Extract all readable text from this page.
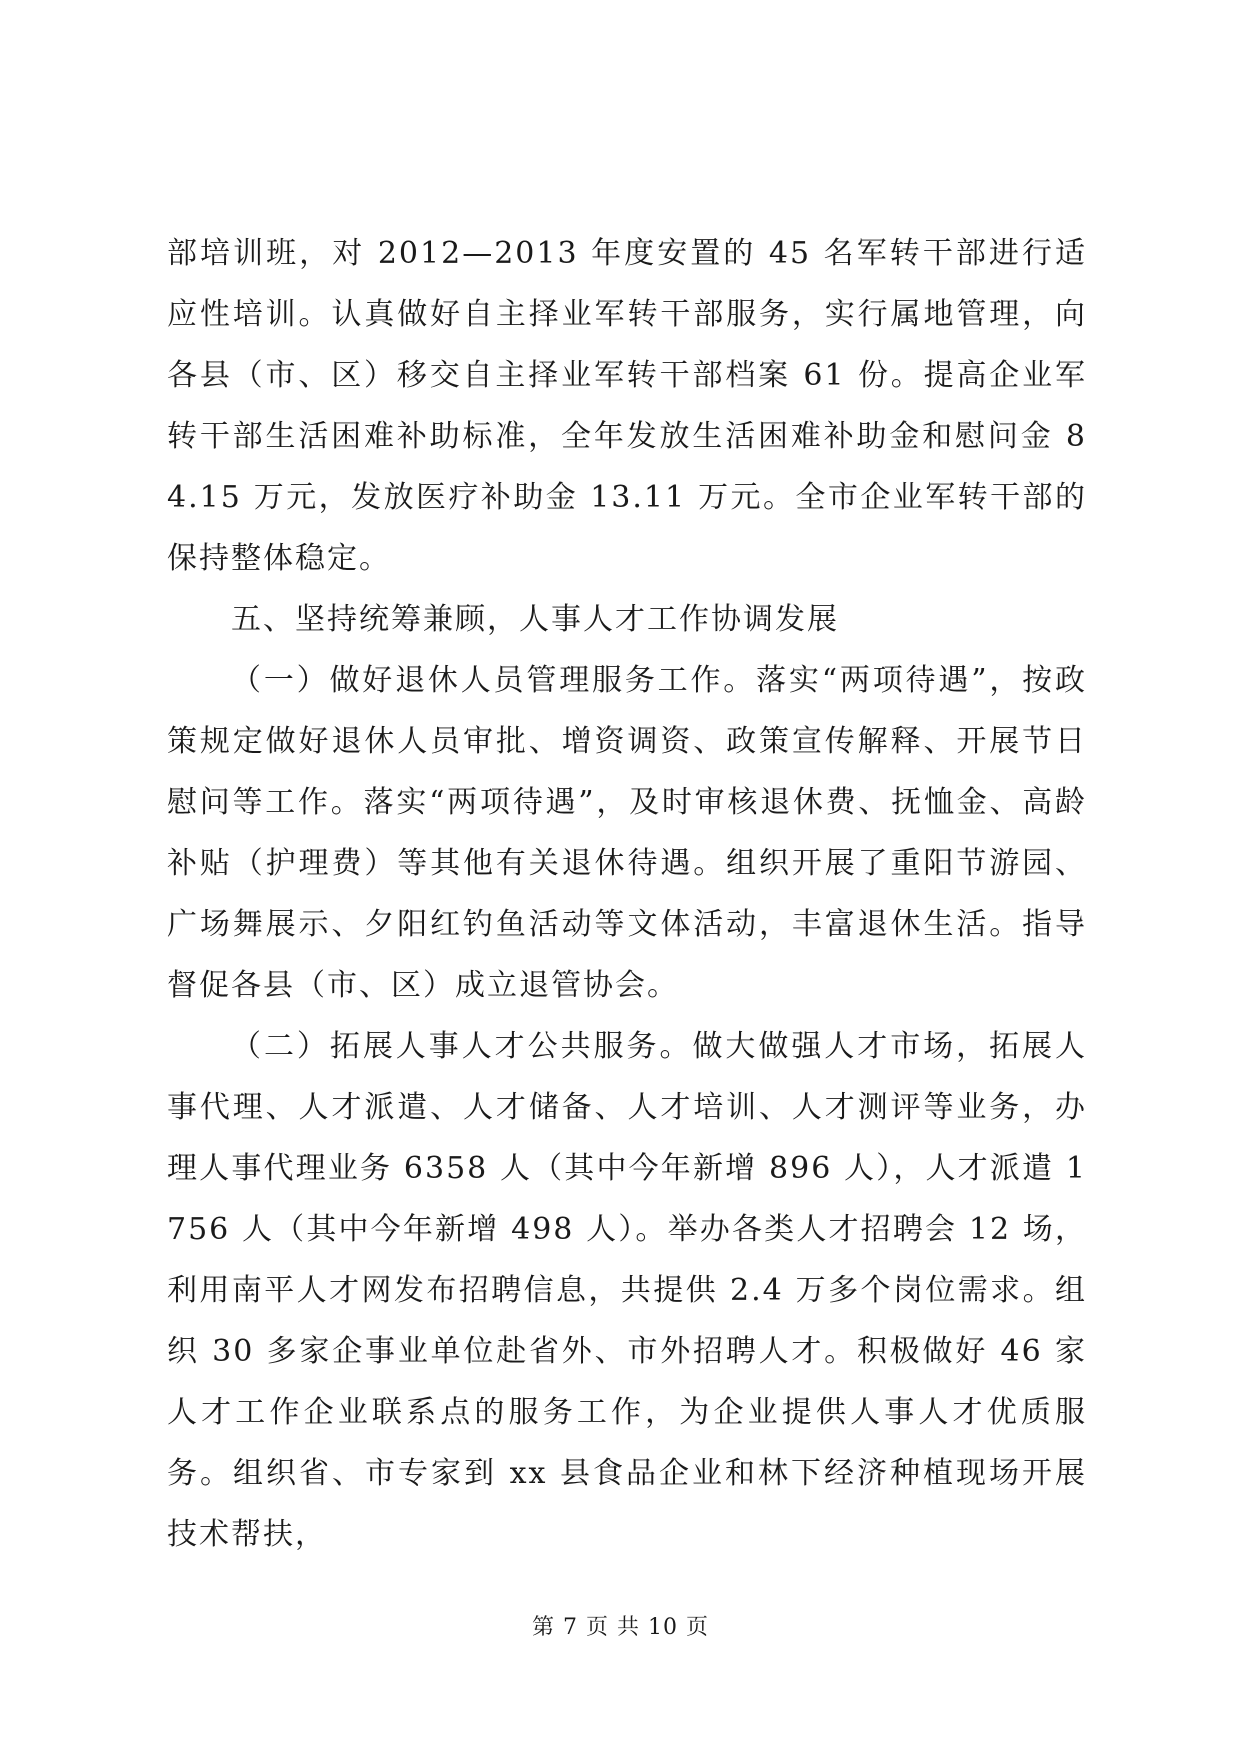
部培训班，对 2012—2013 年度安置的 45 名军转干部进行适应性培训。认真做好自主择业军转干部服务，实行属地管理，向各县（市、区）移交自主择业军转干部档案 61 份。提高企业军转干部生活困难补助标准，全年发放生活困难补助金和慰问金 84.15 万元，发放医疗补助金 13.11 万元。全市企业军转干部的保持整体稳定。

五、坚持统筹兼顾，人事人才工作协调发展

（一）做好退休人员管理服务工作。落实“两项待遇”，按政策规定做好退休人员审批、增资调资、政策宣传解释、开展节日慰问等工作。落实“两项待遇”，及时审核退休费、抚恤金、高龄补贴（护理费）等其他有关退休待遇。组织开展了重阳节游园、广场舞展示、夕阳红钓鱼活动等文体活动，丰富退休生活。指导督促各县（市、区）成立退管协会。

（二）拓展人事人才公共服务。做大做强人才市场，拓展人事代理、人才派遣、人才储备、人才培训、人才测评等业务，办理人事代理业务 6358 人（其中今年新增 896 人），人才派遣 1756 人（其中今年新增 498 人）。举办各类人才招聘会 12 场，利用南平人才网发布招聘信息，共提供 2.4 万多个岗位需求。组织 30 多家企事业单位赴省外、市外招聘人才。积极做好 46 家人才工作企业联系点的服务工作，为企业提供人事人才优质服务。组织省、市专家到 xx 县食品企业和林下经济种植现场开展技术帮扶，

第 7 页 共 10 页
